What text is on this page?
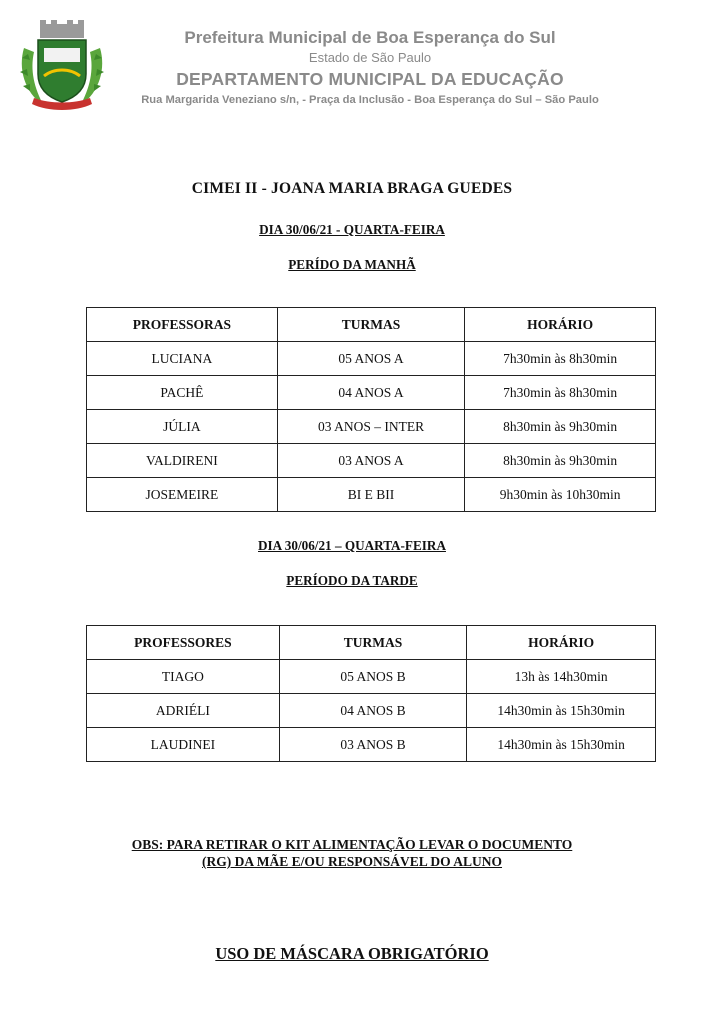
Prefeitura Municipal de Boa Esperança do Sul
Estado de São Paulo
DEPARTAMENTO MUNICIPAL DA EDUCAÇÃO
Rua Margarida Veneziano s/n, - Praça da Inclusão - Boa Esperança do Sul – São Paulo
CIMEI II - JOANA MARIA BRAGA GUEDES
DIA 30/06/21 - QUARTA-FEIRA
PERÍDO DA MANHÃ
PROFESSORAS	TURMAS	HORÁRIO
LUCIANA	05 ANOS A	7h30min às 8h30min
PACHÊ	04 ANOS A	7h30min às 8h30min
JÚLIA	03 ANOS – INTER	8h30min às 9h30min
VALDIRENI	03 ANOS A	8h30min às 9h30min
JOSEMEIRE	BI E BII	9h30min às 10h30min
DIA 30/06/21 – QUARTA-FEIRA
PERÍODO DA TARDE
PROFESSORES	TURMAS	HORÁRIO
TIAGO	05 ANOS B	13h às 14h30min
ADRIÉLI	04 ANOS B	14h30min às 15h30min
LAUDINEI	03 ANOS B	14h30min às 15h30min
OBS: PARA RETIRAR O KIT ALIMENTAÇÃO LEVAR O DOCUMENTO
(RG) DA MÃE E/OU RESPONSÁVEL DO ALUNO
USO DE MÁSCARA OBRIGATÓRIO
